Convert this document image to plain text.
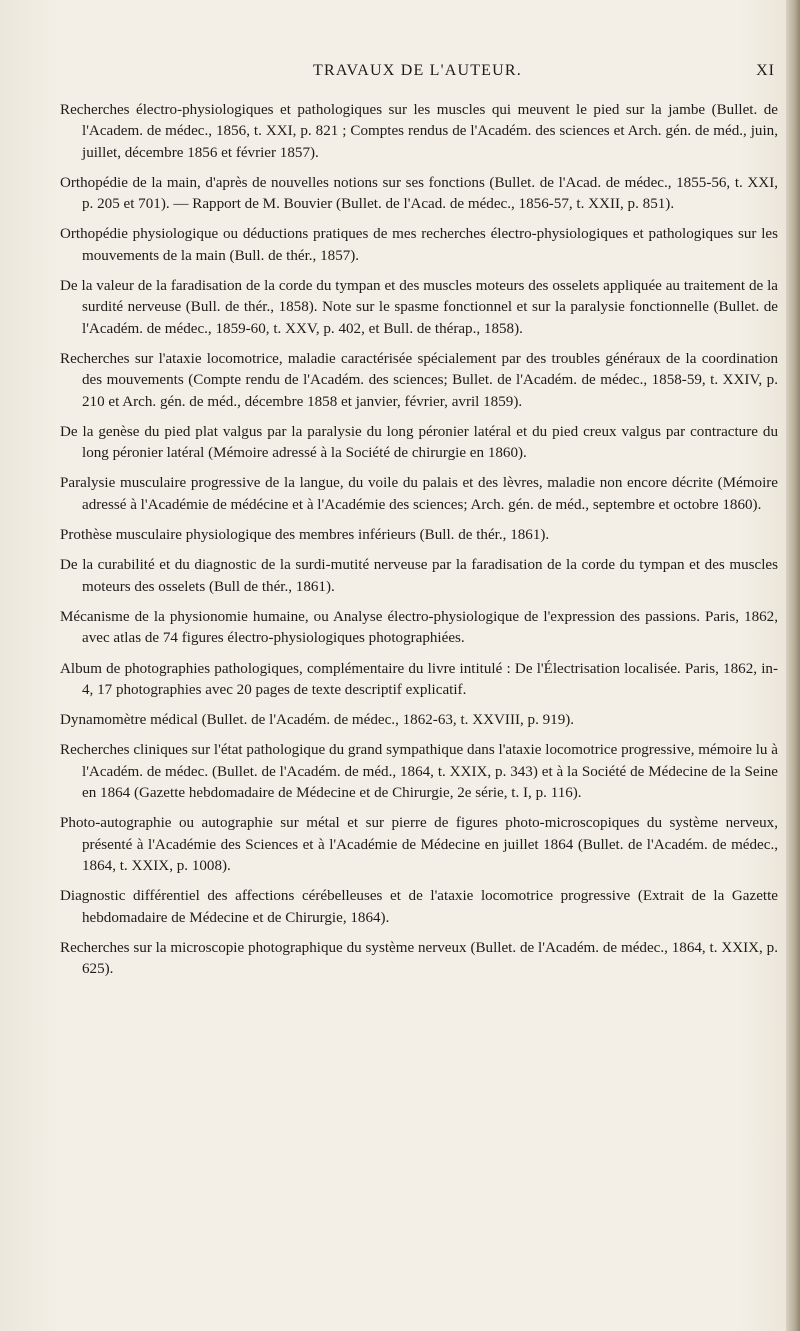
TRAVAUX DE L'AUTEUR.	XI

Recherches électro-physiologiques et pathologiques sur les muscles qui meuvent le pied sur la jambe (Bullet. de l'Academ. de médec., 1856, t. XXI, p. 821 ; Comptes rendus de l'Académ. des sciences et Arch. gén. de méd., juin, juillet, décembre 1856 et février 1857).

Orthopédie de la main, d'après de nouvelles notions sur ses fonctions (Bullet. de l'Acad. de médec., 1855-56, t. XXI, p. 205 et 701). — Rapport de M. Bouvier (Bullet. de l'Acad. de médec., 1856-57, t. XXII, p. 851).

Orthopédie physiologique ou déductions pratiques de mes recherches électro-physiologiques et pathologiques sur les mouvements de la main (Bull. de thér., 1857).

De la valeur de la faradisation de la corde du tympan et des muscles moteurs des osselets appliquée au traitement de la surdité nerveuse (Bull. de thér., 1858). Note sur le spasme fonctionnel et sur la paralysie fonctionnelle (Bullet. de l'Académ. de médec., 1859-60, t. XXV, p. 402, et Bull. de thérap., 1858).

Recherches sur l'ataxie locomotrice, maladie caractérisée spécialement par des troubles généraux de la coordination des mouvements (Compte rendu de l'Académ. des sciences; Bullet. de l'Académ. de médec., 1858-59, t. XXIV, p. 210 et Arch. gén. de méd., décembre 1858 et janvier, février, avril 1859).

De la genèse du pied plat valgus par la paralysie du long péronier latéral et du pied creux valgus par contracture du long péronier latéral (Mémoire adressé à la Société de chirurgie en 1860).

Paralysie musculaire progressive de la langue, du voile du palais et des lèvres, maladie non encore décrite (Mémoire adressé à l'Académie de médécine et à l'Académie des sciences; Arch. gén. de méd., septembre et octobre 1860).

Prothèse musculaire physiologique des membres inférieurs (Bull. de thér., 1861).

De la curabilité et du diagnostic de la surdi-mutité nerveuse par la faradisation de la corde du tympan et des muscles moteurs des osselets (Bull de thér., 1861).

Mécanisme de la physionomie humaine, ou Analyse électro-physiologique de l'expression des passions. Paris, 1862, avec atlas de 74 figures électro-physiologiques photographiées.

Album de photographies pathologiques, complémentaire du livre intitulé : De l'Électrisation localisée. Paris, 1862, in-4, 17 photographies avec 20 pages de texte descriptif explicatif.

Dynamomètre médical (Bullet. de l'Académ. de médec., 1862-63, t. XXVIII, p. 919).

Recherches cliniques sur l'état pathologique du grand sympathique dans l'ataxie locomotrice progressive, mémoire lu à l'Académ. de médec. (Bullet. de l'Académ. de méd., 1864, t. XXIX, p. 343) et à la Société de Médecine de la Seine en 1864 (Gazette hebdomadaire de Médecine et de Chirurgie, 2e série, t. I, p. 116).

Photo-autographie ou autographie sur métal et sur pierre de figures photo-microscopiques du système nerveux, présenté à l'Académie des Sciences et à l'Académie de Médecine en juillet 1864 (Bullet. de l'Académ. de médec., 1864, t. XXIX, p. 1008).

Diagnostic différentiel des affections cérébelleuses et de l'ataxie locomotrice progressive (Extrait de la Gazette hebdomadaire de Médecine et de Chirurgie, 1864).

Recherches sur la microscopie photographique du système nerveux (Bullet. de l'Académ. de médec., 1864, t. XXIX, p. 625).
